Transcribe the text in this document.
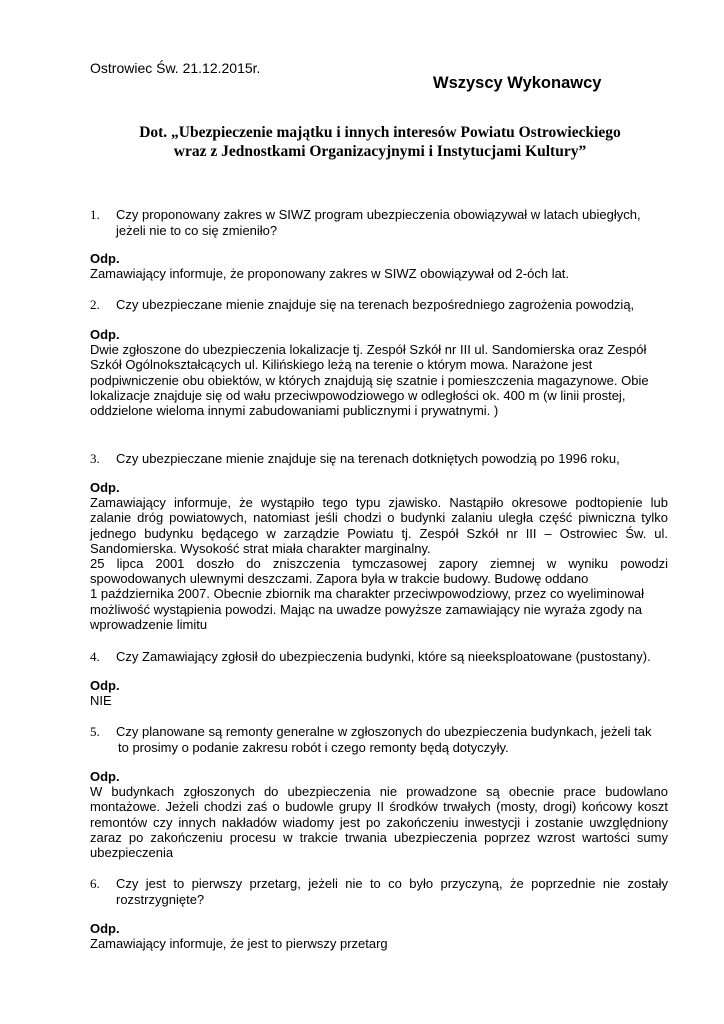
Ostrowiec Św. 21.12.2015r.
Wszyscy Wykonawcy
Dot. „Ubezpieczenie majątku i innych interesów Powiatu Ostrowieckiego
wraz z Jednostkami Organizacyjnymi i Instytucjami Kultury”
1. Czy proponowany zakres w SIWZ program ubezpieczenia obowiązywał w latach ubiegłych,
jeżeli nie to co się zmieniło?
Odp.
Zamawiający informuje, że proponowany zakres w SIWZ obowiązywał od 2-óch lat.
2. Czy ubezpieczane mienie znajduje się na terenach bezpośredniego zagrożenia powodzią,
Odp.
Dwie zgłoszone do ubezpieczenia lokalizacje tj. Zespół Szkół nr III ul. Sandomierska oraz Zespół
Szkół Ogólnokształcących ul. Kilińskiego leżą na terenie o którym mowa. Narażone jest
podpiwniczenie obu obiektów, w których znajdują się szatnie i pomieszczenia magazynowe. Obie
lokalizacje znajduje się od wału przeciwpowodziowego w odległości ok. 400 m (w linii prostej,
oddzielone wieloma innymi zabudowaniami publicznymi i prywatnymi. )
3. Czy ubezpieczane mienie znajduje się na terenach dotkniętych powodzią po 1996 roku,
Odp.
Zamawiający informuje, że wystąpiło tego typu zjawisko. Nastąpiło okresowe podtopienie lub
zalanie dróg powiatowych, natomiast jeśli chodzi o budynki zalaniu uległa część piwniczna tylko
jednego budynku będącego w zarządzie Powiatu tj. Zespół Szkół nr III – Ostrowiec Św. ul.
Sandomierska. Wysokość strat miała charakter marginalny.
25 lipca 2001 doszło do zniszczenia tymczasowej zapory ziemnej w wyniku powodzi
spowodowanych ulewnymi deszczami. Zapora była w trakcie budowy. Budowę oddano
1 października 2007. Obecnie zbiornik ma charakter przeciwpowodziowy, przez co wyeliminował
możliwość wystąpienia powodzi. Mając na uwadze powyższe zamawiający nie wyraża zgody na
wprowadzenie limitu
4. Czy Zamawiający zgłosił do ubezpieczenia budynki, które są nieeksploatowane (pustostany).
Odp.
NIE
5. Czy planowane są remonty generalne w zgłoszonych do ubezpieczenia budynkach, jeżeli tak
to prosimy o podanie zakresu robót i czego remonty będą dotyczyły.
Odp.
W budynkach zgłoszonych do ubezpieczenia nie prowadzone są obecnie prace budowlano
montażowe. Jeżeli chodzi zaś o budowle grupy II środków trwałych (mosty, drogi) końcowy koszt
remontów czy innych nakładów wiadomy jest po zakończeniu inwestycji i zostanie uwzględniony
zaraz po zakończeniu procesu w trakcie trwania ubezpieczenia poprzez wzrost wartości sumy
ubezpieczenia
6. Czy jest to pierwszy przetarg, jeżeli nie to co było przyczyną, że poprzednie nie zostały
rozstrzygnięte?
Odp.
Zamawiający informuje, że jest to pierwszy przetarg
